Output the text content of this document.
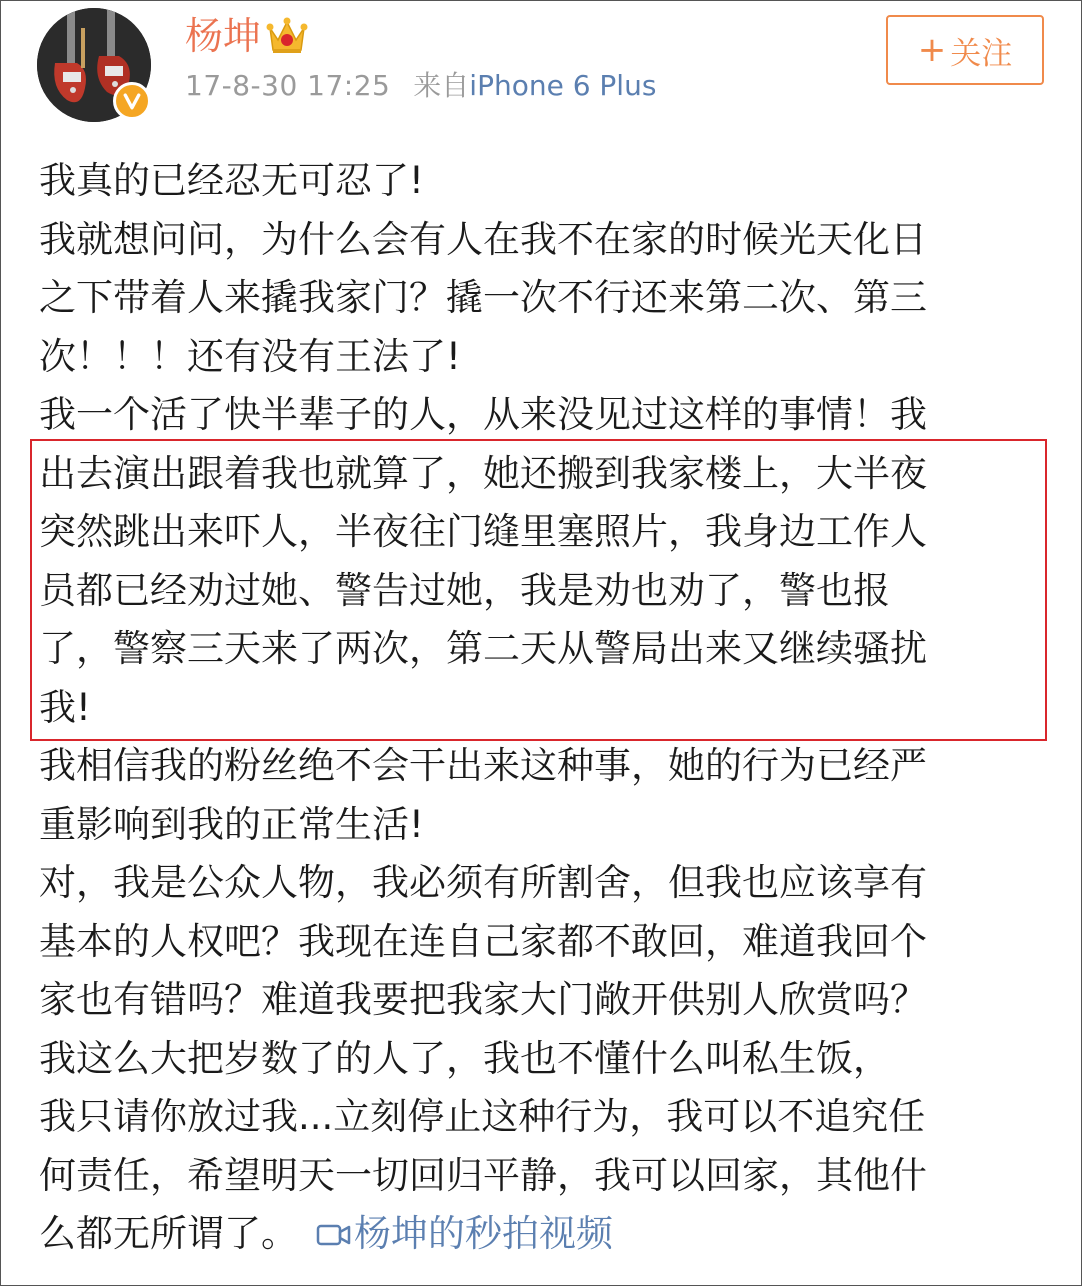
杨坤
17-8-30 17:25 来自iPhone 6 Plus
+ 关注
我真的已经忍无可忍了!
我就想问问，为什么会有人在我不在家的时候光天化日
之下带着人来撬我家门？撬一次不行还来第二次、第三
次！！！还有没有王法了!
我一个活了快半辈子的人，从来没见过这样的事情！我
出去演出跟着我也就算了，她还搬到我家楼上，大半夜
突然跳出来吓人，半夜往门缝里塞照片，我身边工作人
员都已经劝过她、警告过她，我是劝也劝了，警也报
了，警察三天来了两次，第二天从警局出来又继续骚扰
我!
我相信我的粉丝绝不会干出来这种事，她的行为已经严
重影响到我的正常生活!
对，我是公众人物，我必须有所割舍，但我也应该享有
基本的人权吧？我现在连自己家都不敢回，难道我回个
家也有错吗？难道我要把我家大门敞开供别人欣赏吗？
我这么大把岁数了的人了，我也不懂什么叫私生饭，
我只请你放过我...立刻停止这种行为，我可以不追究任
何责任，希望明天一切回归平静，我可以回家，其他什
么都无所谓了。 杨坤的秒拍视频
